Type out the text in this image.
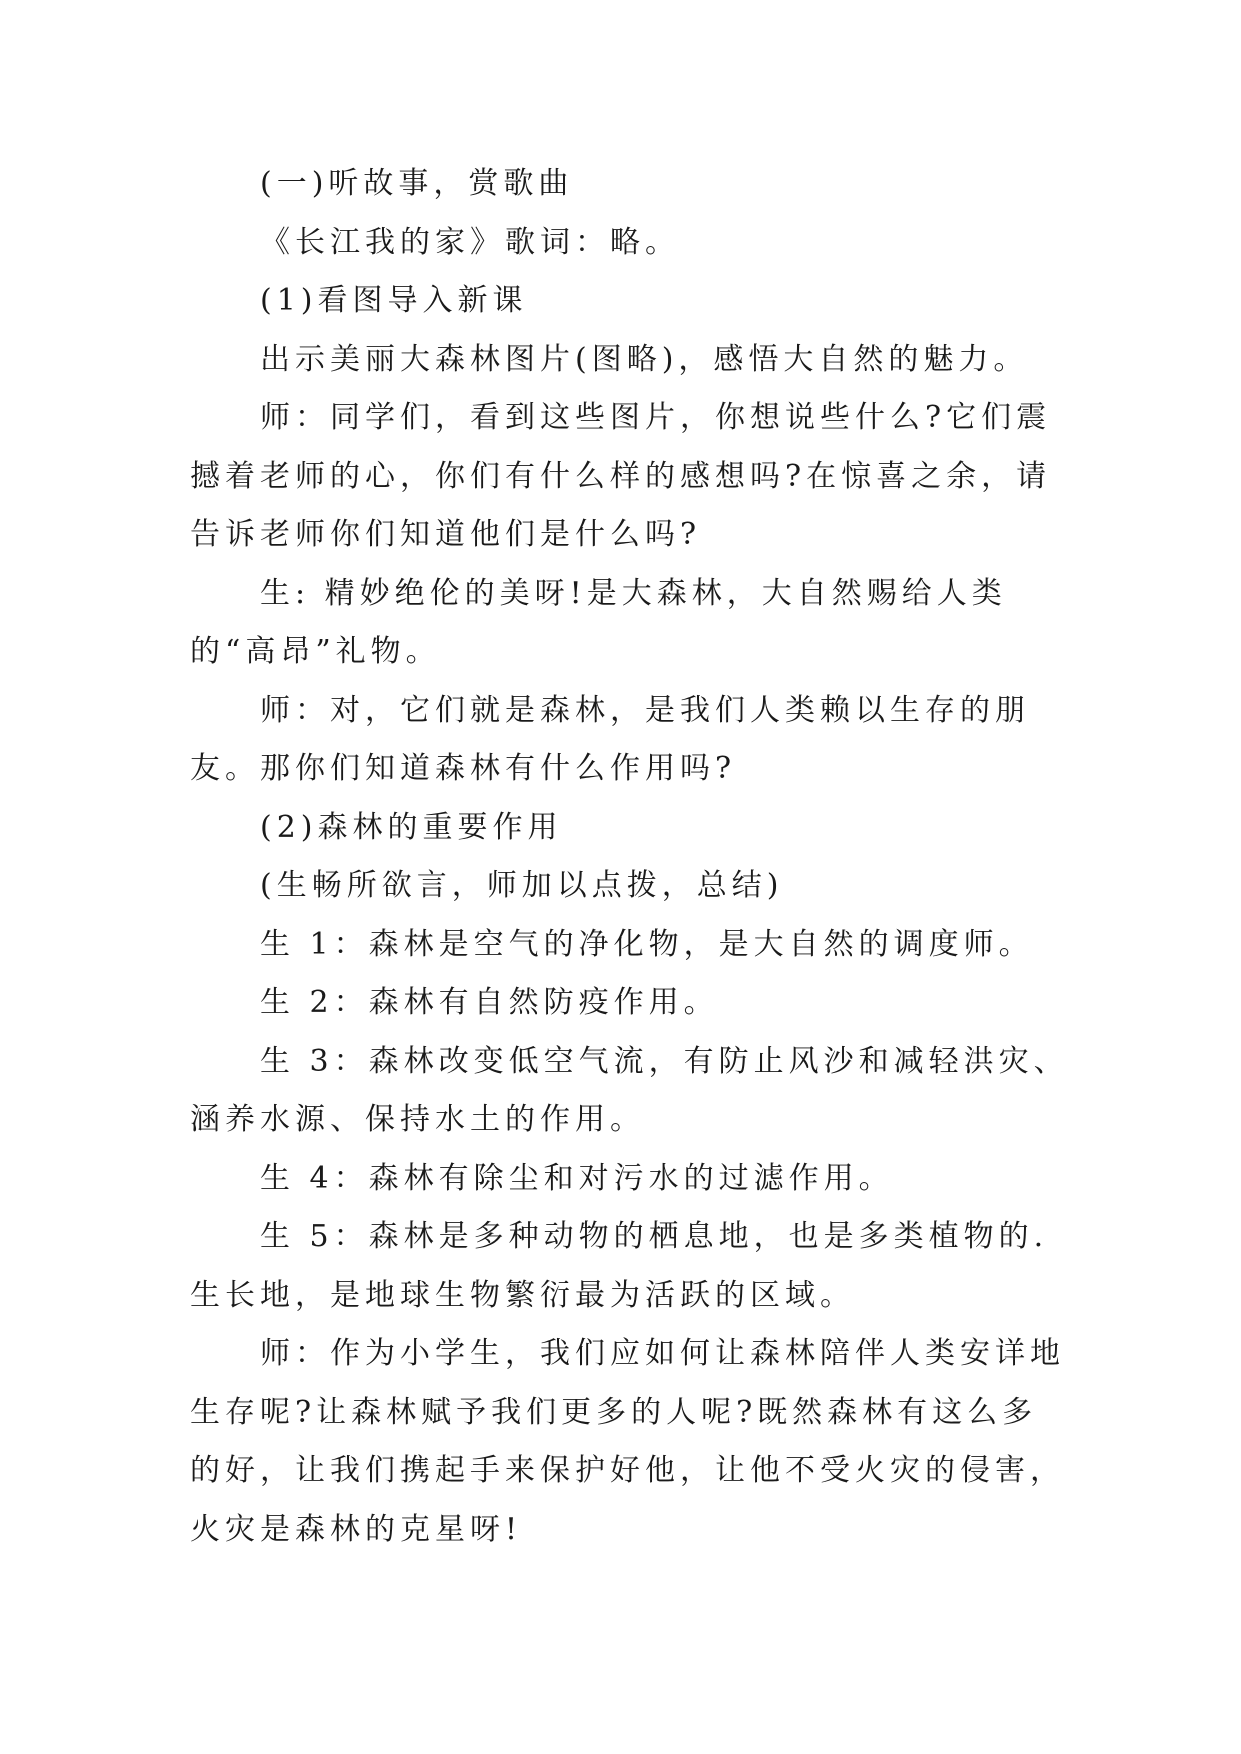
(一)听故事，赏歌曲

《长江我的家》歌词：略。

(1)看图导入新课

出示美丽大森林图片(图略)，感悟大自然的魅力。

师：同学们，看到这些图片，你想说些什么?它们震撼着老师的心，你们有什么样的感想吗?在惊喜之余，请告诉老师你们知道他们是什么吗?

生: 精妙绝伦的美呀!是大森林，大自然赐给人类的“高昂”礼物。

师：对，它们就是森林，是我们人类赖以生存的朋友。那你们知道森林有什么作用吗?

(2)森林的重要作用

(生畅所欲言，师加以点拨，总结)

生 1：森林是空气的净化物，是大自然的调度师。

生 2：森林有自然防疫作用。

生 3：森林改变低空气流，有防止风沙和减轻洪灾、涵养水源、保持水土的作用。

生 4：森林有除尘和对污水的过滤作用。

生 5：森林是多种动物的栖息地，也是多类植物的.生长地，是地球生物繁衍最为活跃的区域。

师：作为小学生，我们应如何让森林陪伴人类安详地生存呢?让森林赋予我们更多的人呢?既然森林有这么多的好，让我们携起手来保护好他，让他不受火灾的侵害，火灾是森林的克星呀!
